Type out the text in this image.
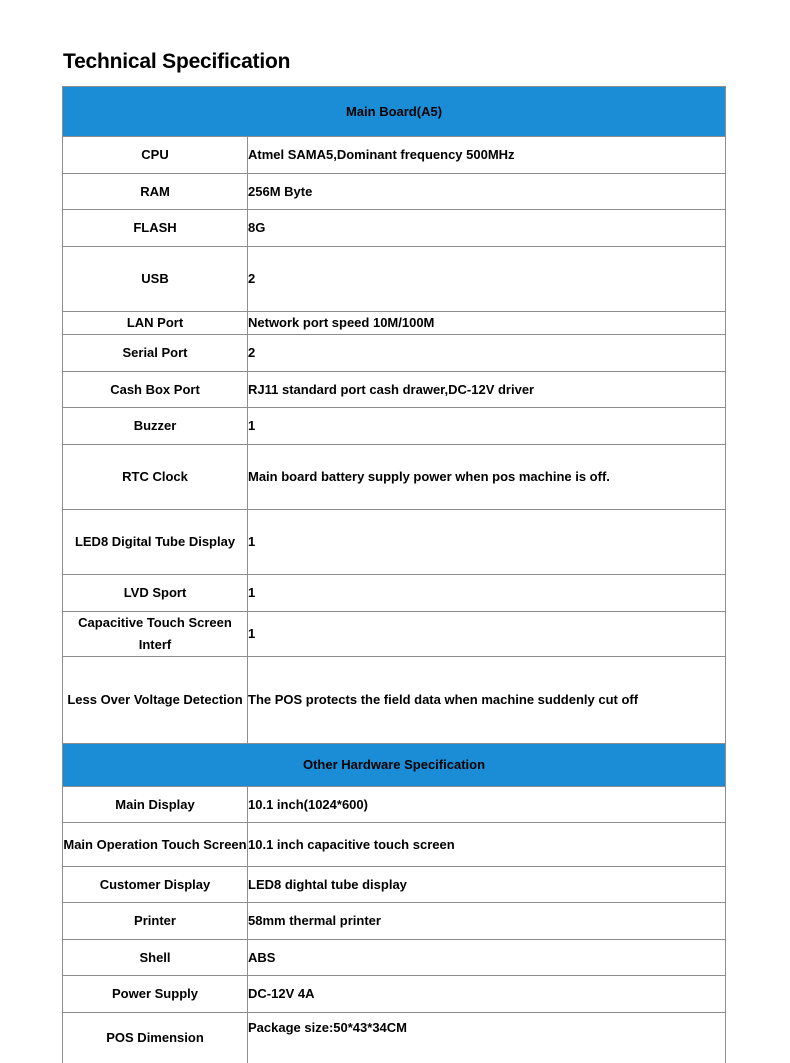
Technical Specification
Main Board(A5)	
CPU	Atmel SAMA5,Dominant frequency 500MHz
RAM	256M Byte
FLASH	8G
USB	2
LAN Port	Network port speed 10M/100M
Serial Port	2
Cash Box Port	RJ11 standard port cash drawer,DC-12V driver
Buzzer	1
RTC Clock	Main board battery supply power when pos machine is off.
LED8 Digital Tube Display	1
LVD Sport	1
Capacitive Touch Screen Interf	1
Less Over Voltage Detection	The POS protects the field data when machine suddenly cut off
Other Hardware Specification	
Main Display	10.1 inch(1024*600)
Main Operation Touch Screen	10.1 inch capacitive touch screen
Customer Display	LED8 dightal tube display
Printer	58mm thermal printer
Shell	ABS
Power Supply	DC-12V 4A
POS Dimension	Package size:50*43*34CM
